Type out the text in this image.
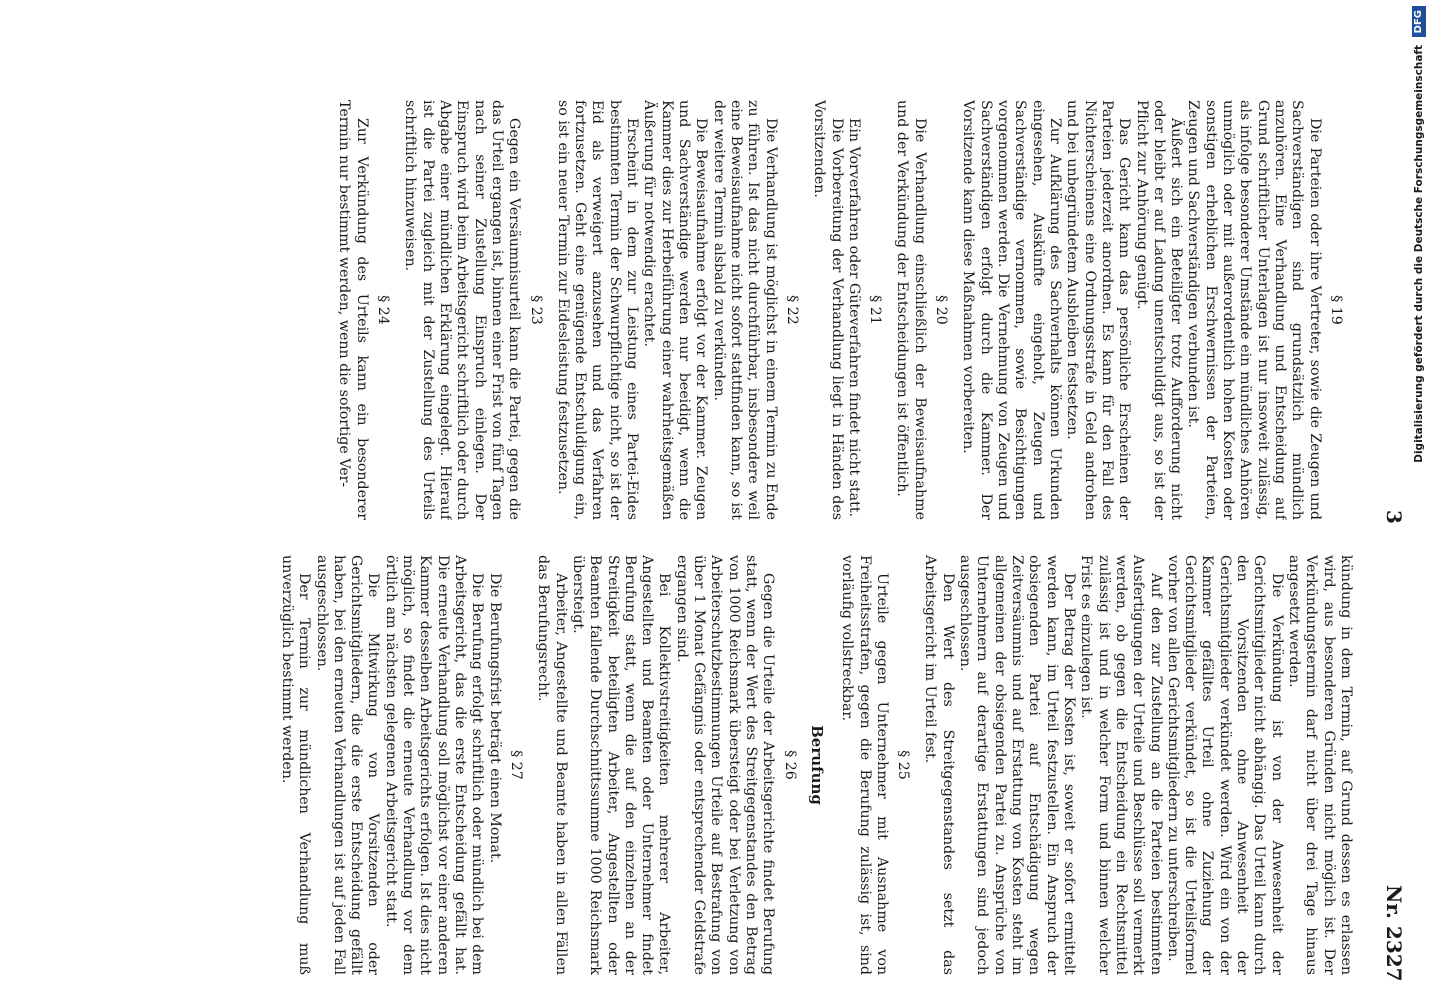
3
Nr. 2327
§ 19

Die Parteien oder ihre Vertreter, sowie die Zeugen und Sachverständigen sind grundsätzlich mündlich anzuhören. Eine Verhandlung und Entscheidung auf Grund schriftlicher Unterlagen ist nur insoweit zulässig, als infolge besonderer Umstände ein mündliches Anhören unmöglich oder mit außerordentlich hohen Kosten oder sonstigen erheblichen Erschwernissen der Parteien, Zeugen und Sachverständigen verbunden ist.

Äußert sich ein Beteiligter trotz Aufforderung nicht oder bleibt er auf Ladung unentschuldigt aus, so ist der Pflicht zur Anhörung genügt.

Das Gericht kann das persönliche Erscheinen der Parteien jederzeit anordnen. Es kann für den Fall des Nichterscheinens eine Ordnungsstrafe in Geld androhen und bei unbegründetem Ausbleiben festsetzen.

Zur Aufklärung des Sachverhalts können Urkunden eingesehen, Auskünfte eingeholt, Zeugen und Sachverständige vernommen, sowie Besichtigungen vorgenommen werden. Die Vernehmung von Zeugen und Sachverständigen erfolgt durch die Kammer. Der Vorsitzende kann diese Maßnahmen vorbereiten.

§ 20

Die Verhandlung einschließlich der Beweisaufnahme und der Verkündung der Entscheidungen ist öffentlich.

§ 21

Ein Vorverfahren oder Güteverfahren findet nicht statt.

Die Vorbereitung der Verhandlung liegt in Händen des Vorsitzenden.

§ 22

Die Verhandlung ist möglichst in einem Termin zu Ende zu führen. Ist das nicht durchführbar, insbesondere weil eine Beweisaufnahme nicht sofort stattfinden kann, so ist der weitere Termin alsbald zu verkünden.

Die Beweisaufnahme erfolgt vor der Kammer. Zeugen und Sachverständige werden nur beeidigt, wenn die Kammer dies zur Herbeiführung einer wahrheitsgemäßen Äußerung für notwendig erachtet.

Erscheint in dem zur Leistung eines Partei-Eides bestimmten Termin der Schwurpflichtige nicht, so ist der Eid als verweigert anzusehen und das Verfahren fortzusetzen. Geht eine genügende Entschuldigung ein, so ist ein neuer Termin zur Eidesleistung festzusetzen.

§ 23

Gegen ein Versäumnisurteil kann die Partei, gegen die das Urteil ergangen ist, binnen einer Frist von fünf Tagen nach seiner Zustellung Einspruch einlegen. Der Einspruch wird beim Arbeitsgericht schriftlich oder durch Abgabe einer mündlichen Erklärung eingelegt. Hierauf ist die Partei zugleich mit der Zustellung des Urteils schriftlich hinzuweisen.

§ 24

Zur Verkündung des Urteils kann ein besonderer Termin nur bestimmt werden, wenn die sofortige Ver-

kündung in dem Termin, auf Grund dessen es erlassen wird, aus besonderen Gründen nicht möglich ist. Der Verkündungstermin darf nicht über drei Tage hinaus angesetzt werden.

Die Verkündung ist von der Anwesenheit der Gerichtsmitglieder nicht abhängig. Das Urteil kann durch den Vorsitzenden ohne Anwesenheit der Gerichtsmitglieder verkündet werden. Wird ein von der Kammer gefälltes Urteil ohne Zuziehung der Gerichtsmitglieder verkündet, so ist die Urteilsformel vorher von allen Gerichtsmitgliedern zu unterschreiben.

Auf den zur Zustellung an die Parteien bestimmten Ausfertigungen der Urteile und Beschlüsse soll vermerkt werden, ob gegen die Entscheidung ein Rechtsmittel zulässig ist und in welcher Form und binnen welcher Frist es einzulegen ist.

Der Betrag der Kosten ist, soweit er sofort ermittelt werden kann, im Urteil festzustellen. Ein Anspruch der obsiegenden Partei auf Entschädigung wegen Zeitversäumnis und auf Erstattung von Kosten steht im allgemeinen der obsiegenden Partei zu. Ansprüche von Unternehmern auf derartige Erstattungen sind jedoch ausgeschlossen.

Den Wert des Streitgegenstandes setzt das Arbeitsgericht im Urteil fest.

§ 25

Urteile gegen Unternehmer mit Ausnahme von Freiheitsstrafen, gegen die Berufung zulässig ist, sind vorläufig vollstreckbar.

Berufung
§ 26

Gegen die Urteile der Arbeitsgerichte findet Berufung statt, wenn der Wert des Streitgegenstandes den Betrag von 1000 Reichsmark übersteigt oder bei Verletzung von Arbeiterschutzbestimmungen Urteile auf Bestrafung von über 1 Monat Gefängnis oder entsprechender Geldstrafe ergangen sind.

Bei Kollektivstreitigkeiten mehrerer Arbeiter, Angestellten und Beamten oder Unternehmer findet Berufung statt, wenn die auf den einzelnen an der Streitigkeit beteiligten Arbeiter, Angestellten oder Beamten fallende Durchschnittssumme 1000 Reichsmark übersteigt.

Arbeiter, Angestellte und Beamte haben in allen Fällen das Berufungsrecht.

§ 27

Die Berufungsfrist beträgt einen Monat.

Die Berufung erfolgt schriftlich oder mündlich bei dem Arbeitsgericht, das die erste Entscheidung gefällt hat. Die erneute Verhandlung soll möglichst vor einer anderen Kammer desselben Arbeitsgerichts erfolgen. Ist dies nicht möglich, so findet die erneute Verhandlung vor dem örtlich am nächsten gelegenen Arbeitsgericht statt.

Die Mitwirkung von Vorsitzenden oder Gerichtsmitgliedern, die die erste Entscheidung gefällt haben, bei den erneuten Verhandlungen ist auf jeden Fall ausgeschlossen.

Der Termin zur mündlichen Verhandlung muß unverzüglich bestimmt werden.

Digitalisierung gefördert durch die Deutsche Forschungsgemeinschaft DFG
